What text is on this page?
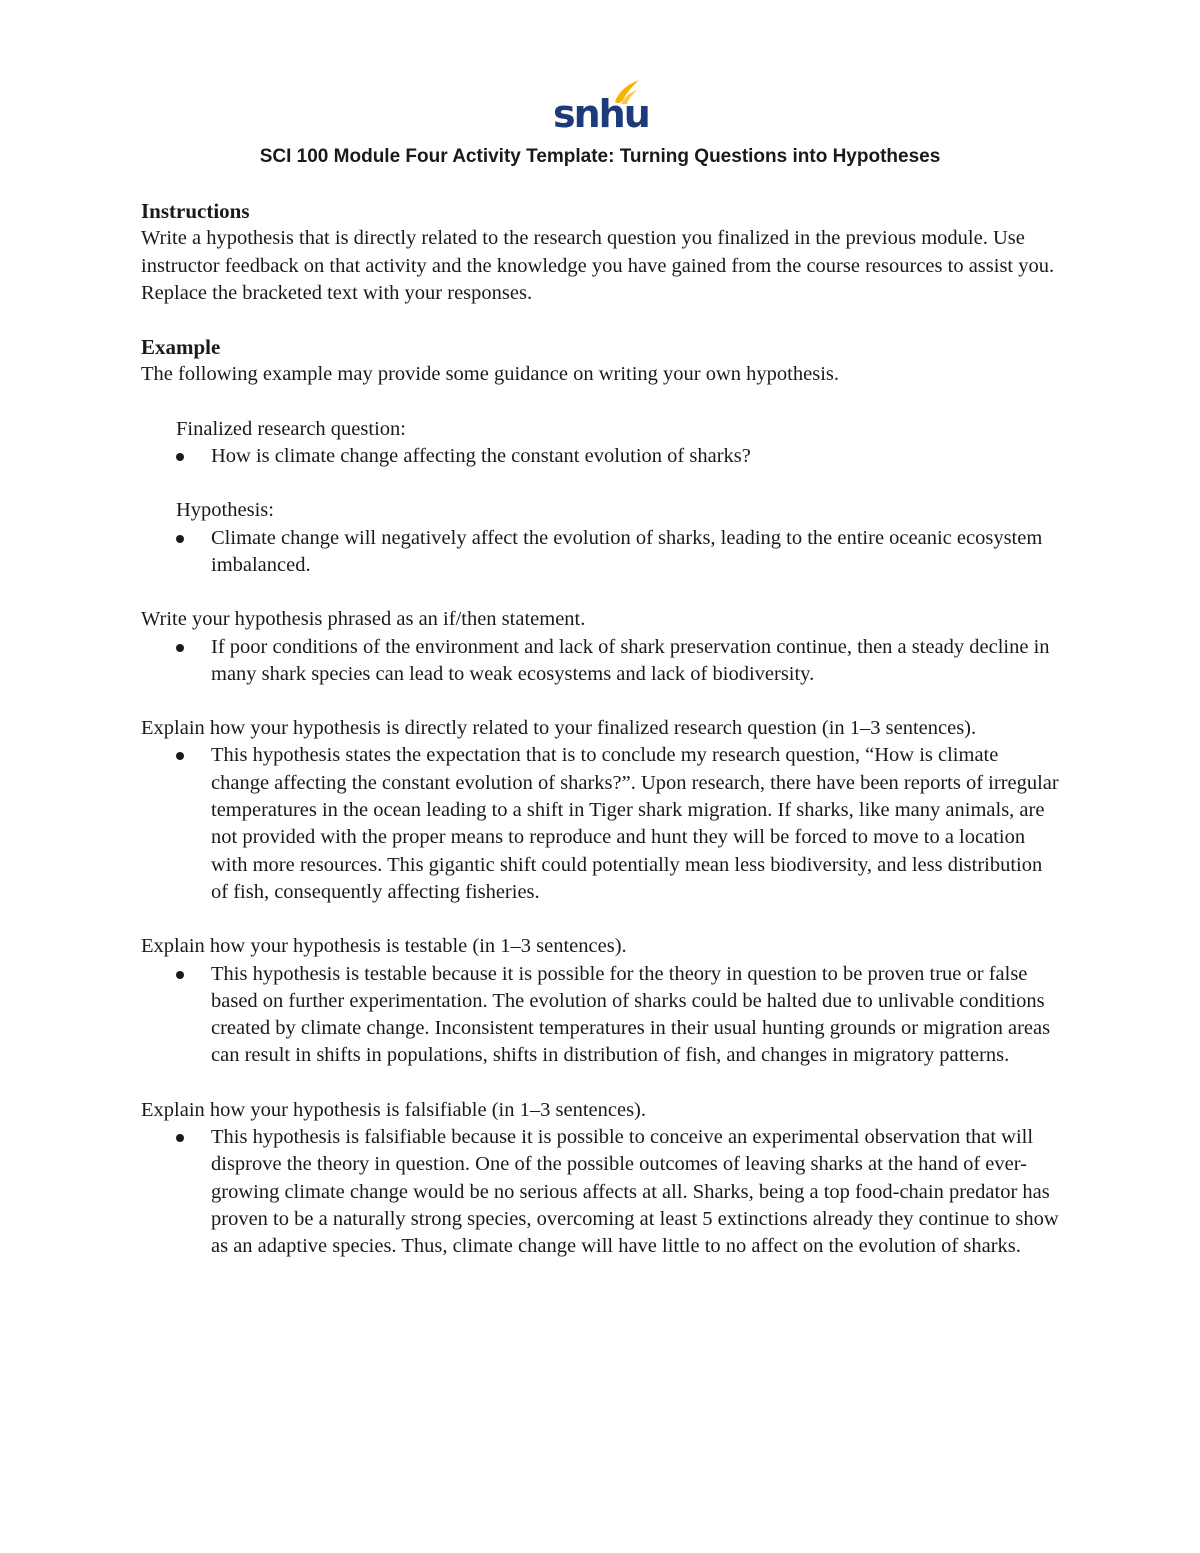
snhu
SCI 100 Module Four Activity Template: Turning Questions into Hypotheses

Instructions

Write a hypothesis that is directly related to the research question you finalized in the previous module. Use instructor feedback on that activity and the knowledge you have gained from the course resources to assist you. Replace the bracketed text with your responses.

Example

The following example may provide some guidance on writing your own hypothesis.

Finalized research question:

How is climate change affecting the constant evolution of sharks?

Hypothesis:

Climate change will negatively affect the evolution of sharks, leading to the entire oceanic ecosystem imbalanced.

Write your hypothesis phrased as an if/then statement.

If poor conditions of the environment and lack of shark preservation continue, then a steady decline in many shark species can lead to weak ecosystems and lack of biodiversity.

Explain how your hypothesis is directly related to your finalized research question (in 1–3 sentences).

This hypothesis states the expectation that is to conclude my research question, “How is climate change affecting the constant evolution of sharks?”. Upon research, there have been reports of irregular temperatures in the ocean leading to a shift in Tiger shark migration. If sharks, like many animals, are not provided with the proper means to reproduce and hunt they will be forced to move to a location with more resources. This gigantic shift could potentially mean less biodiversity, and less distribution of fish, consequently affecting fisheries.

Explain how your hypothesis is testable (in 1–3 sentences).

This hypothesis is testable because it is possible for the theory in question to be proven true or false based on further experimentation. The evolution of sharks could be halted due to unlivable conditions created by climate change. Inconsistent temperatures in their usual hunting grounds or migration areas can result in shifts in populations, shifts in distribution of fish, and changes in migratory patterns.

Explain how your hypothesis is falsifiable (in 1–3 sentences).

This hypothesis is falsifiable because it is possible to conceive an experimental observation that will disprove the theory in question. One of the possible outcomes of leaving sharks at the hand of ever-growing climate change would be no serious affects at all. Sharks, being a top food-chain predator has proven to be a naturally strong species, overcoming at least 5 extinctions already they continue to show as an adaptive species. Thus, climate change will have little to no affect on the evolution of sharks.
